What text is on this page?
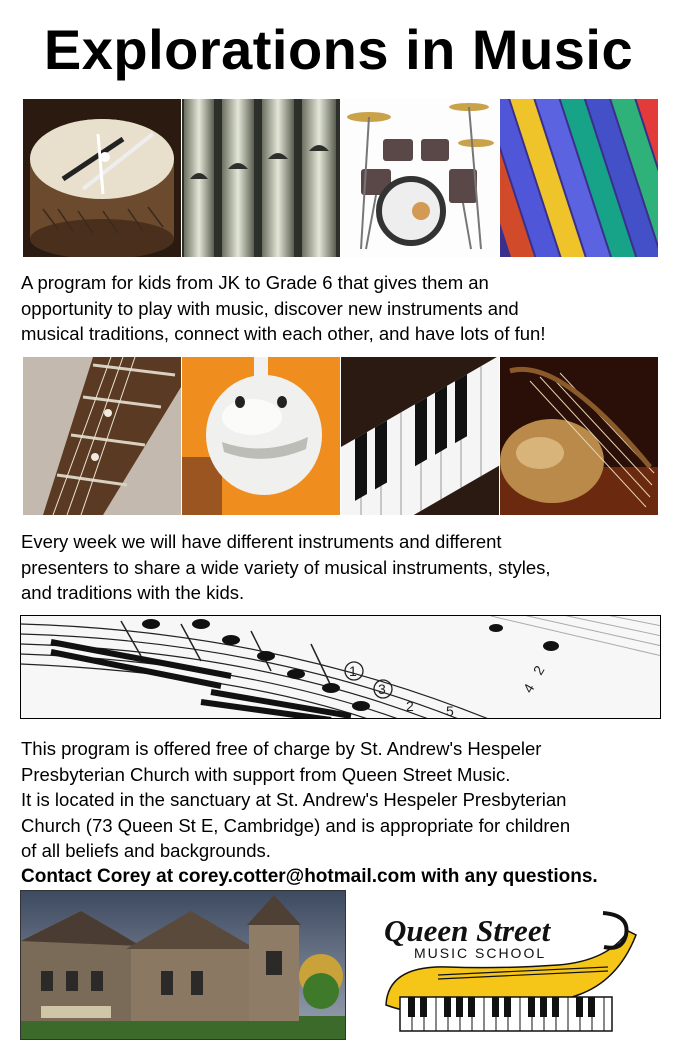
Explorations in Music
A program for kids from JK to Grade 6 that gives them an
opportunity to play with music, discover new instruments and
musical traditions, connect with each other, and have lots of fun!
Every week we will have different instruments and different
presenters to share a wide variety of musical instruments, styles,
and traditions with the kids.
1
3
2 5
2
4
This program is offered free of charge by St. Andrew's Hespeler
Presbyterian Church with support from Queen Street Music.
It is located in the sanctuary at St. Andrew's Hespeler Presbyterian
Church (73 Queen St E, Cambridge) and is appropriate for children
of all beliefs and backgrounds.
Contact Corey at corey.cotter@hotmail.com with any questions.
Queen Street
MUSIC SCHOOL
